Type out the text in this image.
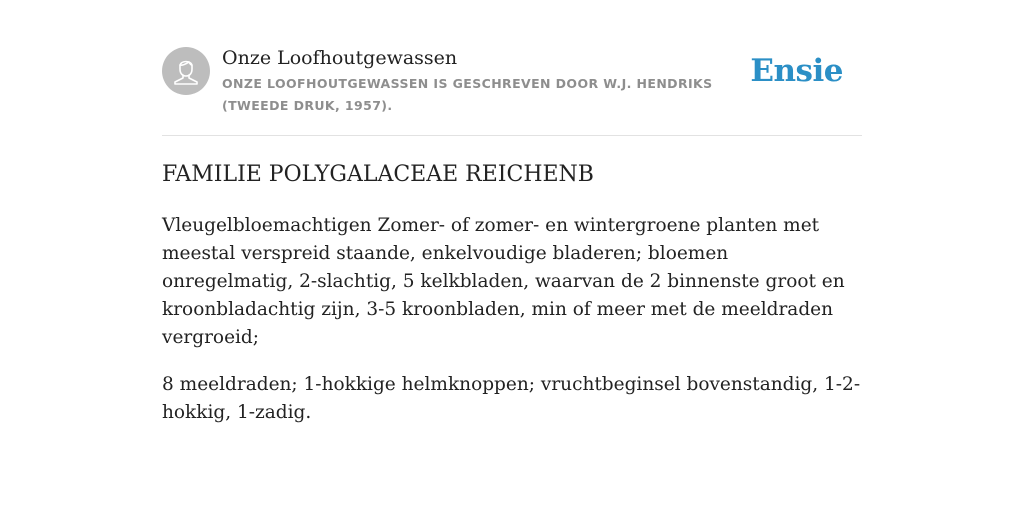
Onze Loofhoutgewassen
ONZE LOOFHOUTGEWASSEN IS GESCHREVEN DOOR W.J. HENDRIKS (TWEEDE DRUK, 1957).
Ensie
FAMILIE POLYGALACEAE REICHENB

Vleugelbloemachtigen Zomer- of zomer- en wintergroene planten met meestal verspreid staande, enkelvoudige bladeren; bloemen onregelmatig, 2-slachtig, 5 kelkbladen, waarvan de 2 binnenste groot en kroonbladachtig zijn, 3-5 kroonbladen, min of meer met de meeldraden vergroeid;

8 meeldraden; 1-hokkige helmknoppen; vruchtbeginsel bovenstandig, 1-2-hokkig, 1-zadig.
